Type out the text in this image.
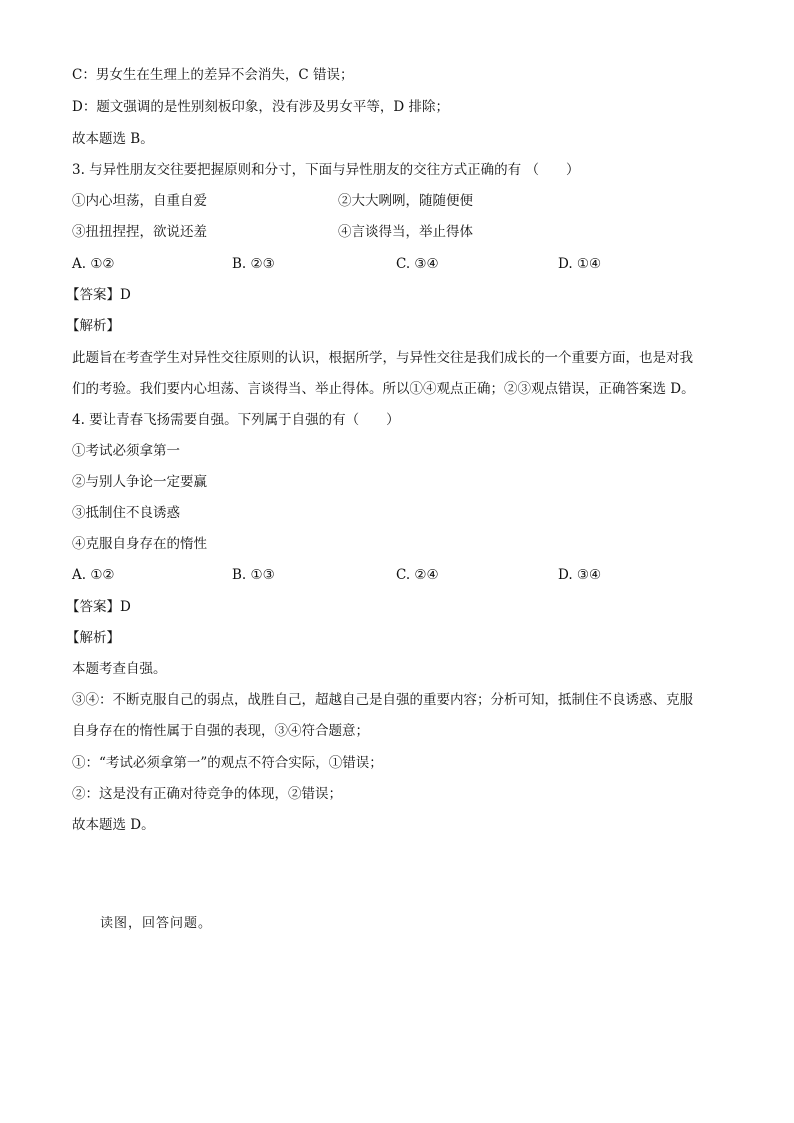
C：男女生在生理上的差异不会消失，C 错误；
D：题文强调的是性别刻板印象，没有涉及男女平等，D 排除；
故本题选 B。
3. 与异性朋友交往要把握原则和分寸，下面与异性朋友的交往方式正确的有 （　　）
①内心坦荡，自重自爱	②大大咧咧，随随便便
③扭扭捏捏，欲说还羞	④言谈得当，举止得体
A. ①②	B. ②③	C. ③④	D. ①④
【答案】D
【解析】
此题旨在考查学生对异性交往原则的认识，根据所学，与异性交往是我们成长的一个重要方面，也是对我
们的考验。我们要内心坦荡、言谈得当、举止得体。所以①④观点正确；②③观点错误，正确答案选 D。
4. 要让青春飞扬需要自强。下列属于自强的有（　　）
①考试必须拿第一
②与别人争论一定要赢
③抵制住不良诱惑
④克服自身存在的惰性
A. ①②	B. ①③	C. ②④	D. ③④
【答案】D
【解析】
本题考查自强。
③④：不断克服自己的弱点，战胜自己，超越自己是自强的重要内容；分析可知，抵制住不良诱惑、克服
自身存在的惰性属于自强的表现，③④符合题意；
①：“考试必须拿第一”的观点不符合实际，①错误；
②：这是没有正确对待竞争的体现，②错误；
故本题选 D。
读图，回答问题。
